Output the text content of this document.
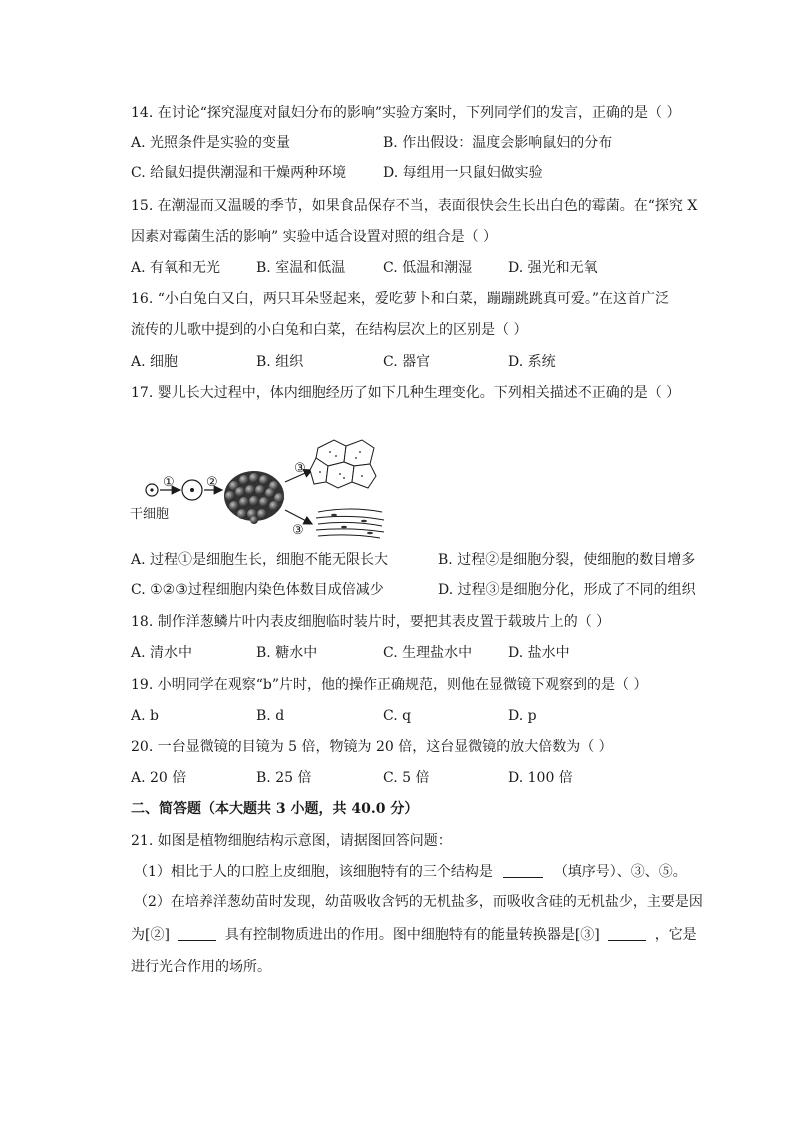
14. 在讨论“探究湿度对鼠妇分布的影响”实验方案时，下列同学们的发言，正确的是（ ）
A. 光照条件是实验的变量	B. 作出假设：温度会影响鼠妇的分布
C. 给鼠妇提供潮湿和干燥两种环境	D. 每组用一只鼠妇做实验
15. 在潮湿而又温暖的季节，如果食品保存不当，表面很快会生长出白色的霉菌。在“探究 X
因素对霉菌生活的影响” 实验中适合设置对照的组合是（ ）
A. 有氧和无光	B. 室温和低温	C. 低温和潮湿	D. 强光和无氧
16. “小白兔白又白，两只耳朵竖起来，爱吃萝卜和白菜，蹦蹦跳跳真可爱。”在这首广泛
流传的儿歌中提到的小白兔和白菜，在结构层次上的区别是（ ）
A. 细胞	B. 组织	C. 器官	D. 系统
17. 婴儿长大过程中，体内细胞经历了如下几种生理变化。下列相关描述不正确的是（ ）
① ②
③
③
干细胞
A. 过程①是细胞生长，细胞不能无限长大	B. 过程②是细胞分裂，使细胞的数目增多
C. ①②③过程细胞内染色体数目成倍减少	D. 过程③是细胞分化，形成了不同的组织
18. 制作洋葱鳞片叶内表皮细胞临时装片时，要把其表皮置于载玻片上的（ ）
A. 清水中	B. 糖水中	C. 生理盐水中	D. 盐水中
19. 小明同学在观察“b”片时，他的操作正确规范，则他在显微镜下观察到的是（ ）
A. b	B. d	C. q	D. p
20. 一台显微镜的目镜为 5 倍，物镜为 20 倍，这台显微镜的放大倍数为（ ）
A. 20 倍	B. 25 倍	C. 5 倍	D. 100 倍
二、简答题（本大题共 3 小题，共 40.0 分）
21. 如图是植物细胞结构示意图，请据图回答问题：
（1）相比于人的口腔上皮细胞，该细胞特有的三个结构是	（填序号）、③、⑤。
（2）在培养洋葱幼苗时发现，幼苗吸收含钙的无机盐多，而吸收含硅的无机盐少，主要是因
为[②]	具有控制物质进出的作用。图中细胞特有的能量转换器是[③]	，它是
进行光合作用的场所。
